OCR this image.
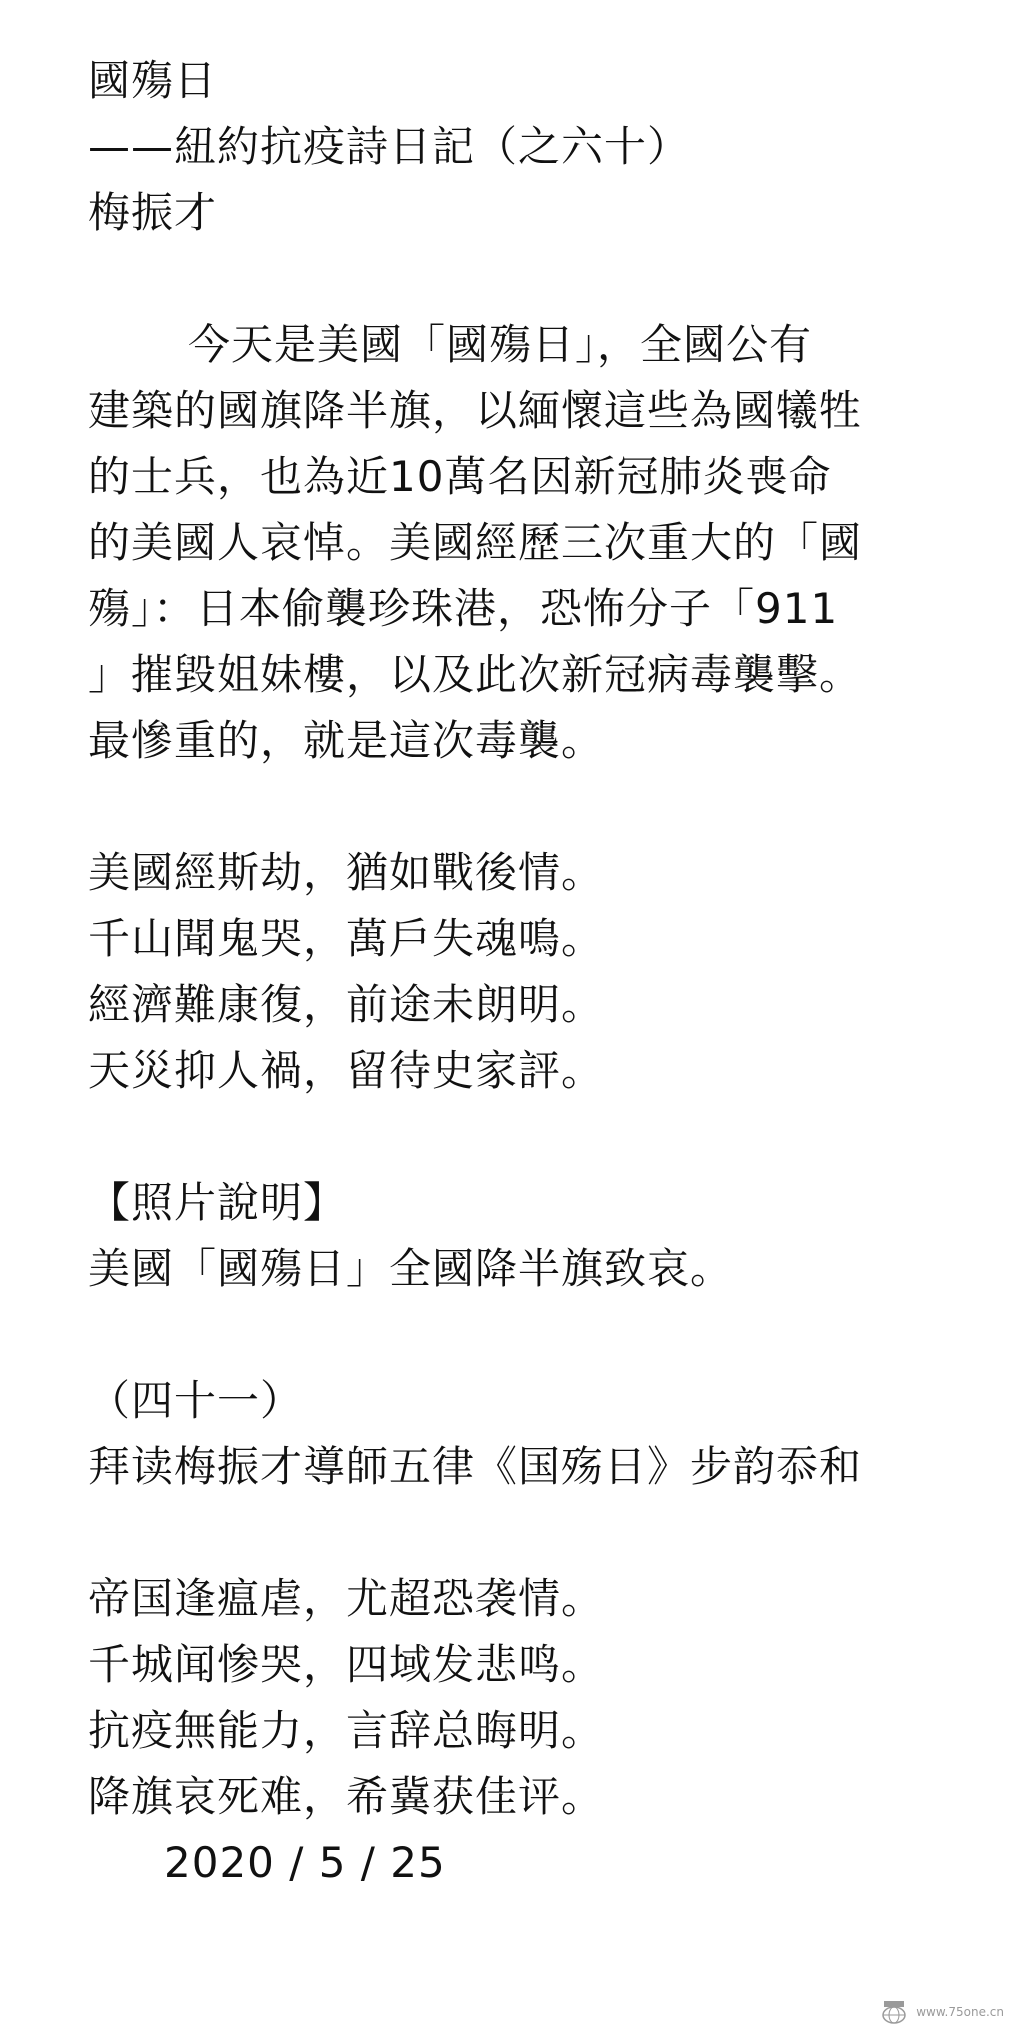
國殤日
——紐約抗疫詩日記（之六十）
梅振才
今天是美國「國殤日」，全國公有
建築的國旗降半旗，以緬懷這些為國犧牲
的士兵，也為近10萬名因新冠肺炎喪命
的美國人哀悼。美國經歷三次重大的「國
殤」：日本偷襲珍珠港，恐怖分子「911
」摧毀姐妹樓，以及此次新冠病毒襲擊。
最慘重的，就是這次毒襲。
美國經斯劫，猶如戰後情。
千山聞鬼哭，萬戶失魂鳴。
經濟難康復，前途未朗明。
天災抑人禍，留待史家評。
【照片說明】
美國「國殤日」全國降半旗致哀。
（四十一）
拜读梅振才導師五律《国殇日》步韵忝和
帝国逢瘟虐，尤超恐袭情。
千城闻惨哭，四域发悲鸣。
抗疫無能力，言辞总晦明。
降旗哀死难，希冀获佳评。
2020 / 5 / 25
www.75one.cn
